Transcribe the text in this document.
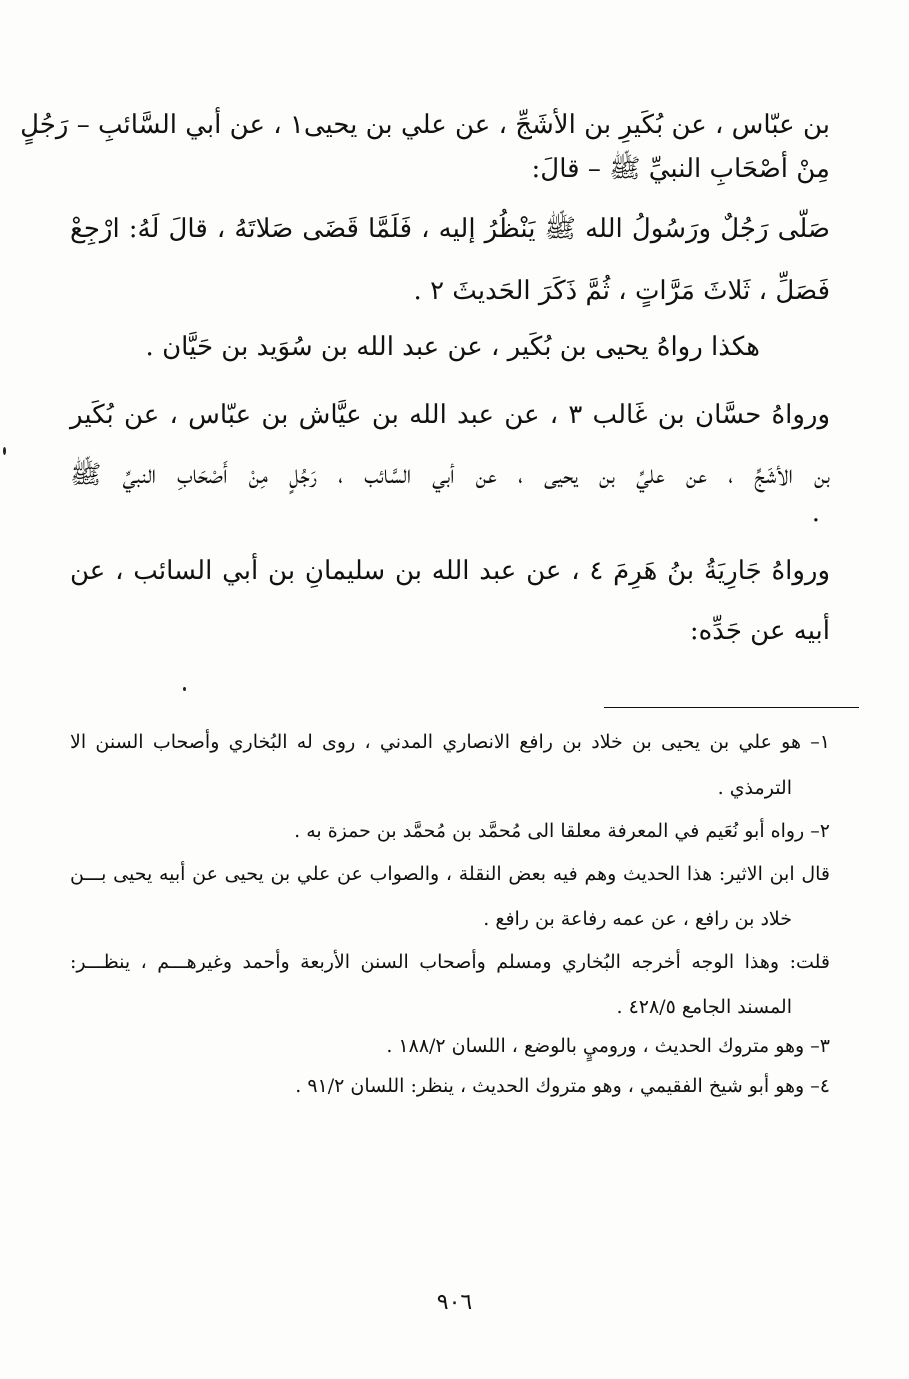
بن عبّاس ، عن بُكَيرِ بن الأشَجِّ ، عن علي بن يحيى١ ، عن أبي السَّائبِ – رَجُلٍ
مِنْ أصْحَابِ النبيِّ ﷺ – قالَ:
صَلّى رَجُلٌ ورَسُولُ الله ﷺ يَنْظُرُ إليه ، فَلَمَّا قَضَى صَلاتَهُ ، قالَ لَهُ: ارْجِعْ
فَصَلِّ ، ثَلاثَ مَرَّاتٍ ، ثُمَّ ذَكَرَ الحَديثَ ٢ .
هكذا رواهُ يحيى بن بُكَير ، عن عبد الله بن سُوَيد بن حَيَّان .
ورواهُ حسَّان بن غَالب ٣ ، عن عبد الله بن عيَّاش بن عبّاس ، عن بُكَير
بن الأشَجِّ ، عن عليِّ بن يحيى ، عن أبي السَّائب ، رَجُلٍ مِنْ أَصْحَابِ النبيِّ ﷺ
.
ورواهُ جَارِيَةُ بنُ هَرِمَ ٤ ، عن عبد الله بن سليمانِ بن أبي السائب ، عن
أبيه عن جَدِّه:
١– هو علي بن يحيى بن خلاد بن رافع الانصاري المدني ، روى له البُخاري وأصحاب السنن الا
الترمذي .
٢– رواه أبو نُعَيم في المعرفة معلقا الى مُحمَّد بن مُحمَّد بن حمزة به .
قال ابن الاثير: هذا الحديث وهم فيه بعض النقلة ، والصواب عن علي بن يحيى عن أبيه يحيى بـــن
خلاد بن رافع ، عن عمه رفاعة بن رافع .
قلت: وهذا الوجه أخرجه البُخاري ومسلم وأصحاب السنن الأربعة وأحمد وغيرهـــم ، ينظـــر:
المسند الجامع ٤٢٨/٥ .
٣– وهو متروك الحديث ، وروميٍ بالوضع ، اللسان ١٨٨/٢ .
٤– وهو أبو شيخ الفقيمي ، وهو متروك الحديث ، ينظر: اللسان ٩١/٢ .
٩٠٦
